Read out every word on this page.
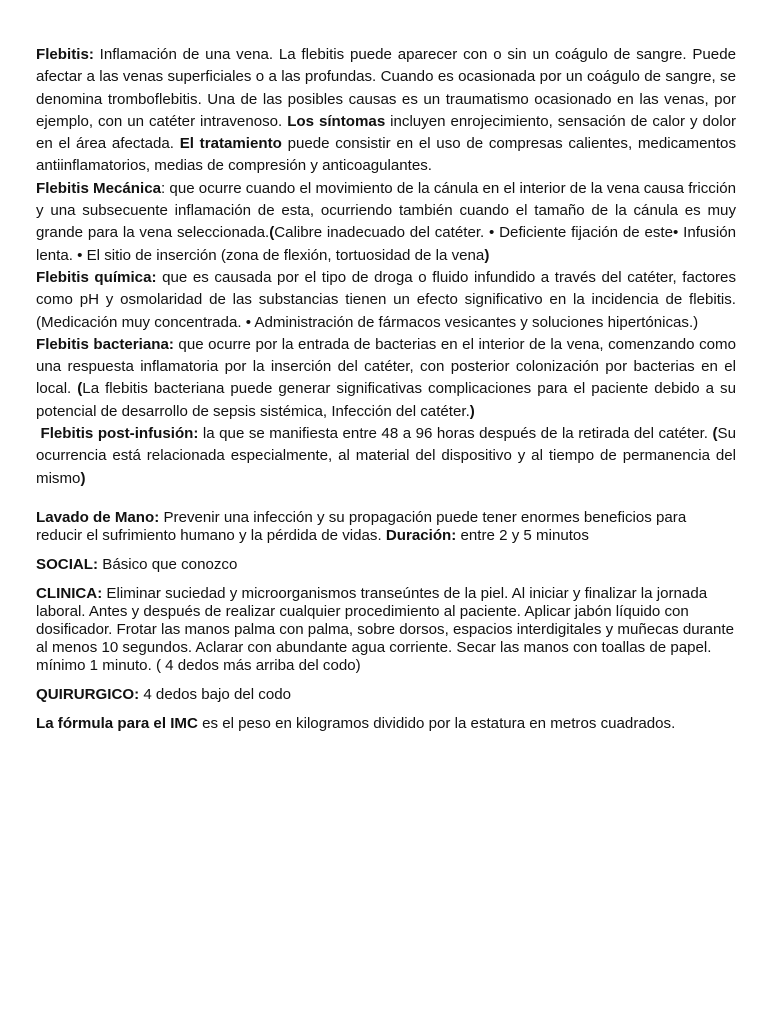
Flebitis: Inflamación de una vena. La flebitis puede aparecer con o sin un coágulo de sangre. Puede afectar a las venas superficiales o a las profundas. Cuando es ocasionada por un coágulo de sangre, se denomina tromboflebitis. Una de las posibles causas es un traumatismo ocasionado en las venas, por ejemplo, con un catéter intravenoso. Los síntomas incluyen enrojecimiento, sensación de calor y dolor en el área afectada. El tratamiento puede consistir en el uso de compresas calientes, medicamentos antiinflamatorios, medias de compresión y anticoagulantes.

Flebitis Mecánica: que ocurre cuando el movimiento de la cánula en el interior de la vena causa fricción y una subsecuente inflamación de esta, ocurriendo también cuando el tamaño de la cánula es muy grande para la vena seleccionada.(Calibre inadecuado del catéter. • Deficiente fijación de este• Infusión lenta. • El sitio de inserción (zona de flexión, tortuosidad de la vena)

Flebitis química: que es causada por el tipo de droga o fluido infundido a través del catéter, factores como pH y osmolaridad de las substancias tienen un efecto significativo en la incidencia de flebitis. (Medicación muy concentrada. • Administración de fármacos vesicantes y soluciones hipertónicas.)

Flebitis bacteriana: que ocurre por la entrada de bacterias en el interior de la vena, comenzando como una respuesta inflamatoria por la inserción del catéter, con posterior colonización por bacterias en el local. (La flebitis bacteriana puede generar significativas complicaciones para el paciente debido a su potencial de desarrollo de sepsis sistémica, Infección del catéter.)

Flebitis post-infusión: la que se manifiesta entre 48 a 96 horas después de la retirada del catéter. (Su ocurrencia está relacionada especialmente, al material del dispositivo y al tiempo de permanencia del mismo)

Lavado de Mano: Prevenir una infección y su propagación puede tener enormes beneficios para reducir el sufrimiento humano y la pérdida de vidas. Duración: entre 2 y 5 minutos

SOCIAL: Básico que conozco

CLINICA: Eliminar suciedad y microorganismos transeúntes de la piel. Al iniciar y finalizar la jornada laboral. Antes y después de realizar cualquier procedimiento al paciente. Aplicar jabón líquido con dosificador. Frotar las manos palma con palma, sobre dorsos, espacios interdigitales y muñecas durante al menos 10 segundos. Aclarar con abundante agua corriente. Secar las manos con toallas de papel. mínimo 1 minuto. ( 4 dedos más arriba del codo)

QUIRURGICO: 4 dedos bajo del codo

La fórmula para el IMC es el peso en kilogramos dividido por la estatura en metros cuadrados.
